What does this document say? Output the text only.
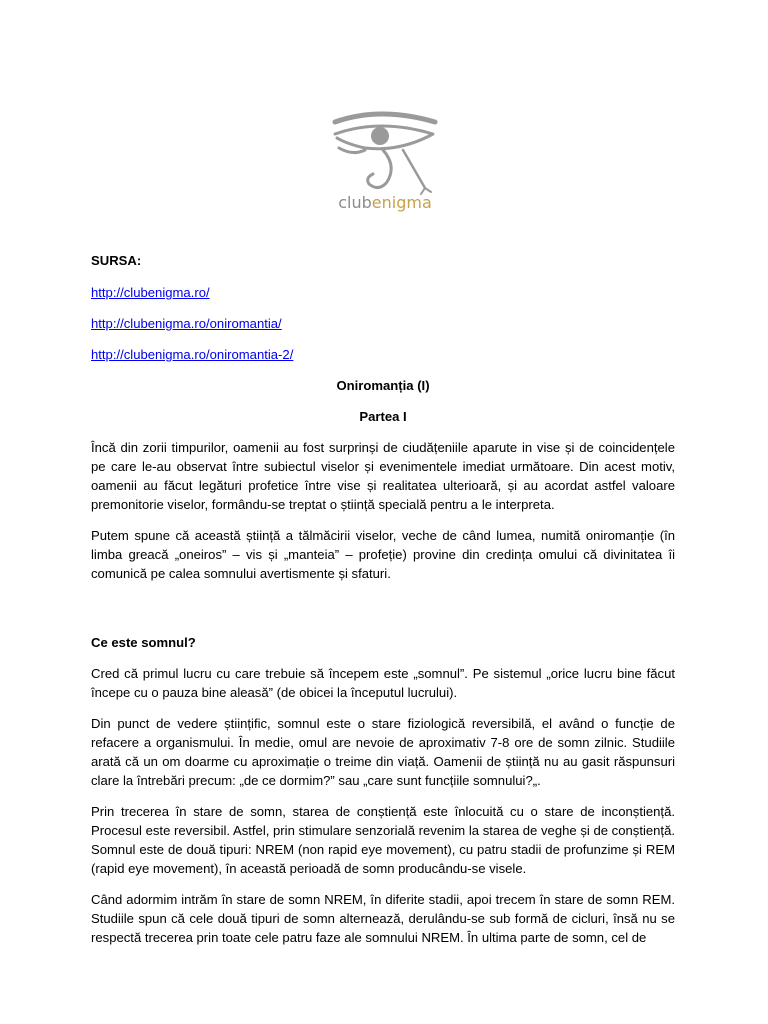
clubenigma
SURSA:
http://clubenigma.ro/
http://clubenigma.ro/oniromantia/
http://clubenigma.ro/oniromantia-2/
Oniromanția (I)
Partea I

Încă din zorii timpurilor, oamenii au fost surprinși de ciudățeniile aparute in vise și de coincidențele pe care le-au observat între subiectul viselor și evenimentele imediat următoare. Din acest motiv, oamenii au făcut legături profetice între vise și realitatea ulterioară, și au acordat astfel valoare premonitorie viselor, formându-se treptat o știință specială pentru a le interpreta.

Putem spune că această știință a tălmăcirii viselor, veche de când lumea, numită oniromanție (în limba greacă „oneiros” – vis și „manteia” – profeție) provine din credința omului că divinitatea îi comunică pe calea somnului avertismente și sfaturi.

Ce este somnul?

Cred că primul lucru cu care trebuie să începem este „somnul”. Pe sistemul „orice lucru bine făcut începe cu o pauza bine aleasă” (de obicei la începutul lucrului).

Din punct de vedere științific, somnul este o stare fiziologică reversibilă, el având o funcție de refacere a organismului. În medie, omul are nevoie de aproximativ 7-8 ore de somn zilnic. Studiile arată că un om doarme cu aproximație o treime din viață. Oamenii de știință nu au gasit răspunsuri clare la întrebări precum: „de ce dormim?” sau „care sunt funcțiile somnului?„.

Prin trecerea în stare de somn, starea de conștiență este înlocuită cu o stare de inconștiență. Procesul este reversibil. Astfel, prin stimulare senzorială revenim la starea de veghe și de conștiență. Somnul este de două tipuri: NREM (non rapid eye movement), cu patru stadii de profunzime și REM (rapid eye movement), în această perioadă de somn producându-se visele.

Când adormim intrăm în stare de somn NREM, în diferite stadii, apoi trecem în stare de somn REM. Studiile spun că cele două tipuri de somn alternează, derulându-se sub formă de cicluri, însă nu se respectă trecerea prin toate cele patru faze ale somnului NREM. În ultima parte de somn, cel de
